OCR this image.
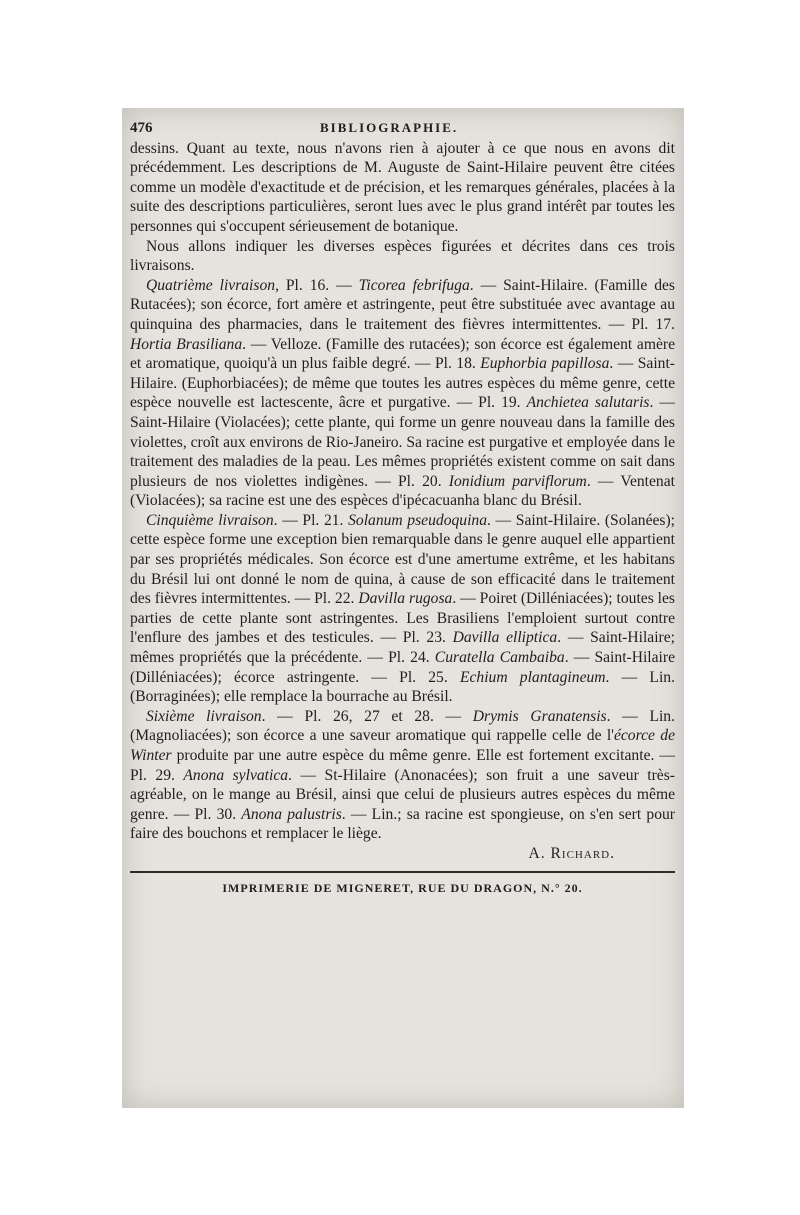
476	BIBLIOGRAPHIE.

dessins. Quant au texte, nous n'avons rien à ajouter à ce que nous en avons dit précédemment. Les descriptions de M. Auguste de Saint-Hilaire peuvent être citées comme un modèle d'exactitude et de précision, et les remarques générales, placées à la suite des descriptions particulières, seront lues avec le plus grand intérêt par toutes les personnes qui s'occupent sérieusement de botanique.

Nous allons indiquer les diverses espèces figurées et décrites dans ces trois livraisons.

Quatrième livraison, Pl. 16. — Ticorea febrifuga. — Saint-Hilaire. (Famille des Rutacées); son écorce, fort amère et astringente, peut être substituée avec avantage au quinquina des pharmacies, dans le traitement des fièvres intermittentes. — Pl. 17. Hortia Brasiliana. — Velloze. (Famille des rutacées); son écorce est également amère et aromatique, quoiqu'à un plus faible degré. — Pl. 18. Euphorbia papillosa. — Saint-Hilaire. (Euphorbiacées); de même que toutes les autres espèces du même genre, cette espèce nouvelle est lactescente, âcre et purgative. — Pl. 19. Anchietea salutaris. — Saint-Hilaire (Violacées); cette plante, qui forme un genre nouveau dans la famille des violettes, croît aux environs de Rio-Janeiro. Sa racine est purgative et employée dans le traitement des maladies de la peau. Les mêmes propriétés existent comme on sait dans plusieurs de nos violettes indigènes. — Pl. 20. Ionidium parviflorum. — Ventenat (Violacées); sa racine est une des espèces d'ipécacuanha blanc du Brésil.

Cinquième livraison. — Pl. 21. Solanum pseudoquina. — Saint-Hilaire. (Solanées); cette espèce forme une exception bien remarquable dans le genre auquel elle appartient par ses propriétés médicales. Son écorce est d'une amertume extrême, et les habitans du Brésil lui ont donné le nom de quina, à cause de son efficacité dans le traitement des fièvres intermittentes. — Pl. 22. Davilla rugosa. — Poiret (Dilléniacées); toutes les parties de cette plante sont astringentes. Les Brasiliens l'emploient surtout contre l'enflure des jambes et des testicules. — Pl. 23. Davilla elliptica. — Saint-Hilaire; mêmes propriétés que la précédente. — Pl. 24. Curatella Cambaiba. — Saint-Hilaire (Dilléniacées); écorce astringente. — Pl. 25. Echium plantagineum. — Lin. (Borraginées); elle remplace la bourrache au Brésil.

Sixième livraison. — Pl. 26, 27 et 28. — Drymis Granatensis. — Lin. (Magnoliacées); son écorce a une saveur aromatique qui rappelle celle de l'écorce de Winter produite par une autre espèce du même genre. Elle est fortement excitante. — Pl. 29. Anona sylvatica. — St-Hilaire (Anonacées); son fruit a une saveur très-agréable, on le mange au Brésil, ainsi que celui de plusieurs autres espèces du même genre. — Pl. 30. Anona palustris. — Lin.; sa racine est spongieuse, on s'en sert pour faire des bouchons et remplacer le liège.

A. Richard.
IMPRIMERIE DE MIGNERET, RUE DU DRAGON, N.° 20.
